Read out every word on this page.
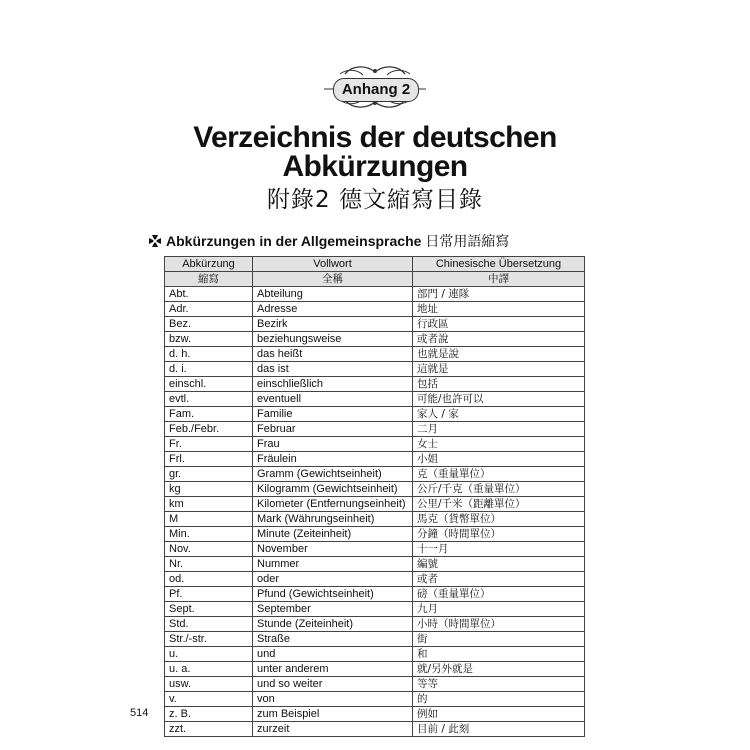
Anhang 2
Verzeichnis der deutschen
Abkürzungen
附錄2 德文縮寫目錄
Abkürzungen in der Allgemeinsprache 日常用語縮寫
Abkürzung	Vollwort	Chinesische Übersetzung
縮寫	全稱	中譯
Abt.	Abteilung	部門 / 連隊
Adr.	Adresse	地址
Bez.	Bezirk	行政區
bzw.	beziehungsweise	或者說
d. h.	das heißt	也就是說
d. i.	das ist	這就是
einschl.	einschließlich	包括
evtl.	eventuell	可能/也許可以
Fam.	Familie	家人 / 家
Feb./Febr.	Februar	二月
Fr.	Frau	女士
Frl.	Fräulein	小姐
gr.	Gramm (Gewichtseinheit)	克（重量單位）
kg	Kilogramm (Gewichtseinheit)	公斤/千克（重量單位）
km	Kilometer (Entfernungseinheit)	公里/千米（距離單位）
M	Mark (Währungseinheit)	馬克（貨幣單位）
Min.	Minute (Zeiteinheit)	分鐘（時間單位）
Nov.	November	十一月
Nr.	Nummer	編號
od.	oder	或者
Pf.	Pfund (Gewichtseinheit)	磅（重量單位）
Sept.	September	九月
Std.	Stunde (Zeiteinheit)	小時（時間單位）
Str./-str.	Straße	街
u.	und	和
u. a.	unter anderem	就/另外就是
usw.	und so weiter	等等
v.	von	的
z. B.	zum Beispiel	例如
zzt.	zurzeit	目前 / 此刻
514
